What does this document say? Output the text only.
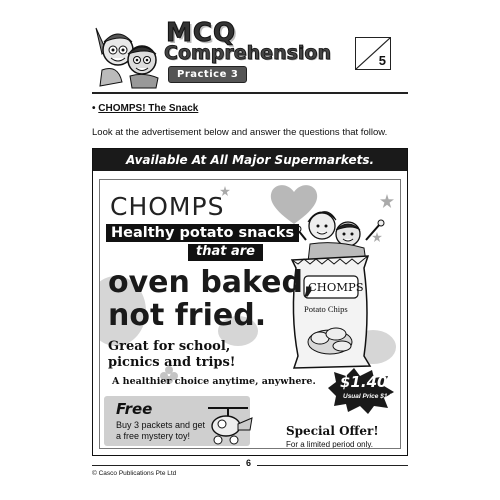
MCQ
Comprehension
Practice 3
5
• CHOMPS! The Snack
Look at the advertisement below and answer the questions that follow.
Available At All Major Supermarkets.
CHOMPS
Potato Chips
CHOMPS
Healthy potato snacks
that are
oven baked,
not fried.
Great for school,
picnics and trips!
A healthier choice anytime, anywhere. $1.40
Usual Price $1.90
Free
Buy 3 packets and get
a free mystery toy!	Special Offer!
For a limited period only.
6
© Casco Publications Pte Ltd
